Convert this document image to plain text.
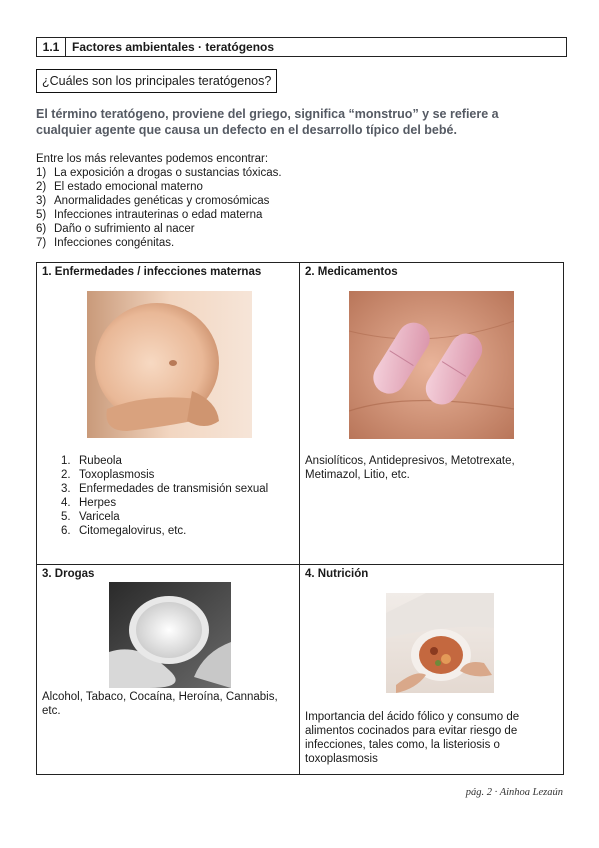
1.1	Factores ambientales · teratógenos
¿Cuáles son los principales teratógenos?
El término teratógeno, proviene del griego, significa “monstruo” y se refiere a cualquier agente que causa un defecto en el desarrollo típico del bebé.
Entre los más relevantes podemos encontrar:
1) La exposición a drogas o sustancias tóxicas.
2) El estado emocional materno
3) Anormalidades genéticas y cromosómicas
5) Infecciones intrauterinas o edad materna
6) Daño o sufrimiento al nacer
7) Infecciones congénitas.
1. Enfermedades / infecciones maternas
1. Rubeola
2. Toxoplasmosis
3. Enfermedades de transmisión sexual
4. Herpes
5. Varicela
6. Citomegalovirus, etc.
2. Medicamentos
Ansiolíticos, Antidepresivos, Metotrexate, Metimazol, Litio, etc.
3. Drogas
Alcohol, Tabaco, Cocaína, Heroína, Cannabis, etc.
4. Nutrición
Importancia del ácido fólico y consumo de alimentos cocinados para evitar riesgo de infecciones, tales como, la listeriosis o toxoplasmosis
pág. 2 · Ainhoa Lezaún
